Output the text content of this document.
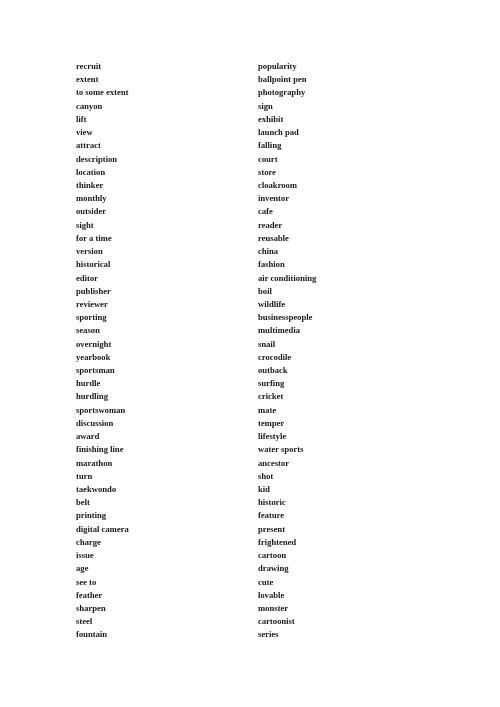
recruit
extent
to some extent
canyon
lift
view
attract
description
location
thinker
monthly
outsider
sight
for a time
version
historical
editor
publisher
reviewer
sporting
season
overnight
yearbook
sportsman
hurdle
hurdling
sportswoman
discussion
award
finishing line
marathon
turn
taekwondo
belt
printing
digital camera
charge
issue
age
see to
feather
sharpen
steel
fountain
popularity
ballpoint pen
photography
sign
exhibit
launch pad
falling
court
store
cloakroom
inventor
cafe
reader
reusable
china
fashion
air conditioning
boil
wildlife
businesspeople
multimedia
snail
crocodile
outback
surfing
cricket
mate
temper
lifestyle
water sports
ancestor
shot
kid
historic
feature
present
frightened
cartoon
drawing
cute
lovable
monster
cartoonist
series
